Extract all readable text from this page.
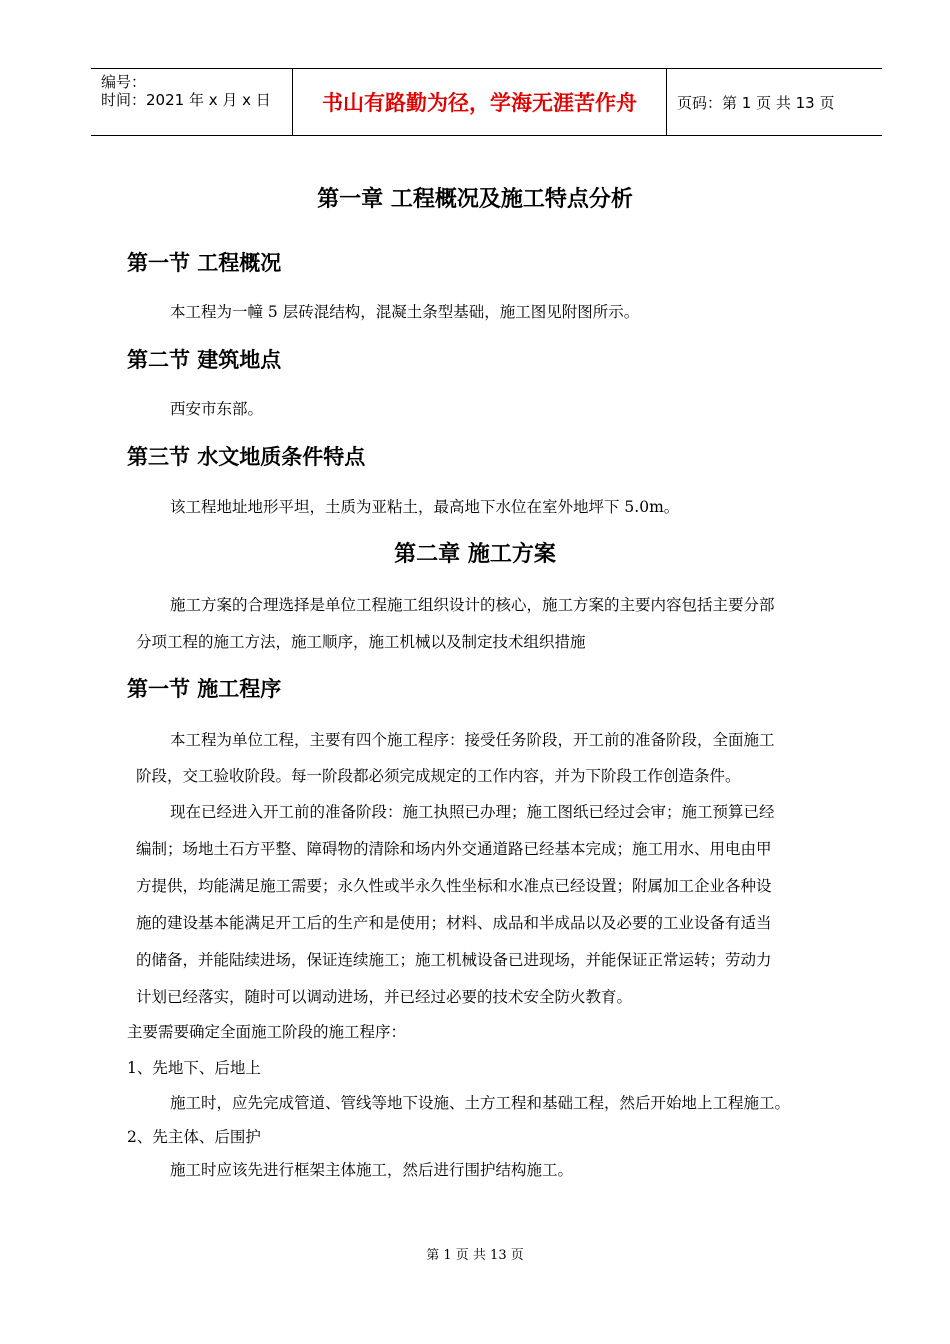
编号：
时间：2021 年 x 月 x 日	书山有路勤为径，学海无涯苦作舟	页码：第 1 页 共 13 页
第一章 工程概况及施工特点分析
第一节 工程概况
本工程为一幢 5 层砖混结构，混凝土条型基础，施工图见附图所示。
第二节 建筑地点
西安市东部。
第三节 水文地质条件特点
该工程地址地形平坦，土质为亚粘土，最高地下水位在室外地坪下 5.0m。
第二章 施工方案
施工方案的合理选择是单位工程施工组织设计的核心，施工方案的主要内容包括主要分部
分项工程的施工方法，施工顺序，施工机械以及制定技术组织措施
第一节 施工程序
本工程为单位工程，主要有四个施工程序：接受任务阶段，开工前的准备阶段，全面施工
阶段，交工验收阶段。每一阶段都必须完成规定的工作内容，并为下阶段工作创造条件。
现在已经进入开工前的准备阶段：施工执照已办理；施工图纸已经过会审；施工预算已经
编制；场地土石方平整、障碍物的清除和场内外交通道路已经基本完成；施工用水、用电由甲
方提供，均能满足施工需要；永久性或半永久性坐标和水准点已经设置；附属加工企业各种设
施的建设基本能满足开工后的生产和是使用；材料、成品和半成品以及必要的工业设备有适当
的储备，并能陆续进场，保证连续施工；施工机械设备已进现场，并能保证正常运转；劳动力
计划已经落实，随时可以调动进场，并已经过必要的技术安全防火教育。
主要需要确定全面施工阶段的施工程序：
1、先地下、后地上
施工时，应先完成管道、管线等地下设施、土方工程和基础工程，然后开始地上工程施工。
2、先主体、后围护
施工时应该先进行框架主体施工，然后进行围护结构施工。
第 1 页 共 13 页
